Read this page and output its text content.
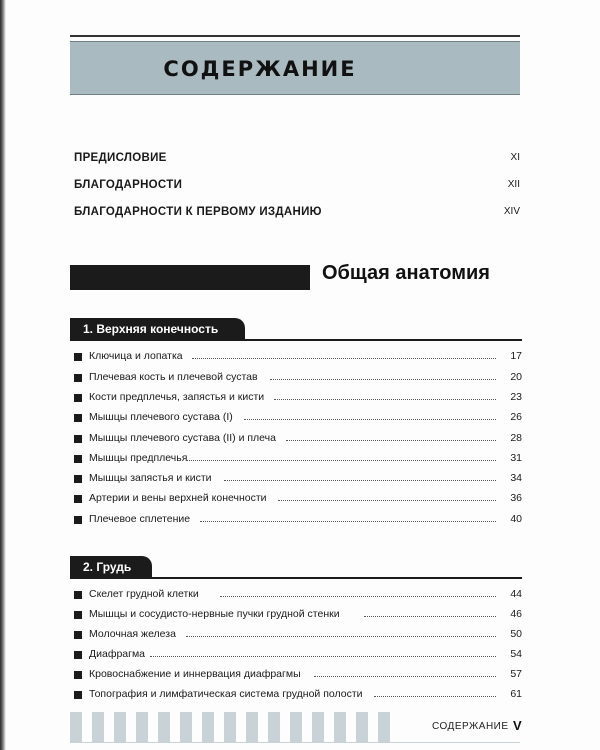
СОДЕРЖАНИЕ
ПРЕДИСЛОВИЕ	XI
БЛАГОДАРНОСТИ	XII
БЛАГОДАРНОСТИ К ПЕРВОМУ ИЗДАНИЮ	XIV
Общая анатомия
1. Верхняя конечность
Ключица и лопатка	17
Плечевая кость и плечевой сустав	20
Кости предплечья, запястья и кисти	23
Мышцы плечевого сустава (I)	26
Мышцы плечевого сустава (II) и плеча	28
Мышцы предплечья	31
Мышцы запястья и кисти	34
Артерии и вены верхней конечности	36
Плечевое сплетение	40
2. Грудь
Скелет грудной клетки	44
Мышцы и сосудисто-нервные пучки грудной стенки	46
Молочная железа	50
Диафрагма	54
Кровоснабжение и иннервация диафрагмы	57
Топография и лимфатическая система грудной полости	61
СОДЕРЖАНИЕ V
